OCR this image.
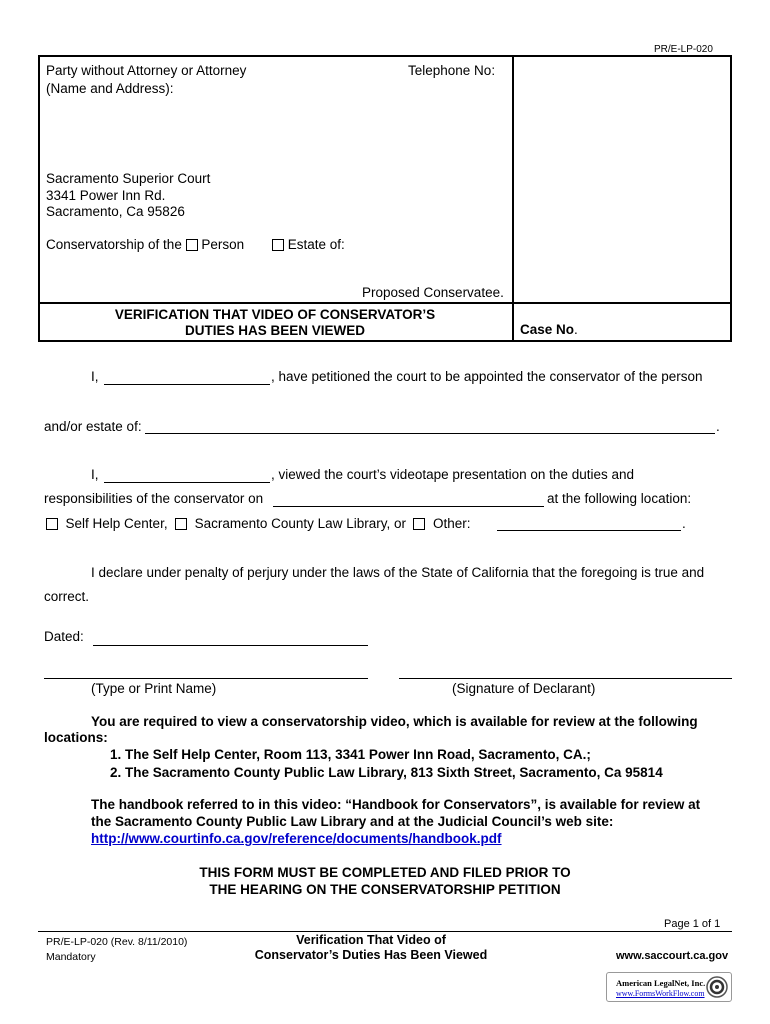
PR/E-LP-020
Party without Attorney or Attorney
(Name and Address):
Telephone No:
Sacramento Superior Court
3341 Power Inn Rd.
Sacramento, Ca 95826
Conservatorship of the Person	Estate of:
Proposed Conservatee.
VERIFICATION THAT VIDEO OF CONSERVATOR’S
DUTIES HAS BEEN VIEWED	Case No.
I,	, have petitioned the court to be appointed the conservator of the person
and/or estate of:	.
I,	, viewed the court’s videotape presentation on the duties and
responsibilities of the conservator on	at the following location:
Self Help Center, Sacramento County Law Library, or Other:	.
I declare under penalty of perjury under the laws of the State of California that the foregoing is true and
correct.
Dated:
(Type or Print Name)	(Signature of Declarant)
You are required to view a conservatorship video, which is available for review at the following
locations:
1. The Self Help Center, Room 113, 3341 Power Inn Road, Sacramento, CA.;
2. The Sacramento County Public Law Library, 813 Sixth Street, Sacramento, Ca 95814
The handbook referred to in this video: “Handbook for Conservators”, is available for review at
the Sacramento County Public Law Library and at the Judicial Council’s web site:
http://www.courtinfo.ca.gov/reference/documents/handbook.pdf
THIS FORM MUST BE COMPLETED AND FILED PRIOR TO
THE HEARING ON THE CONSERVATORSHIP PETITION
Page 1 of 1
PR/E-LP-020 (Rev. 8/11/2010)
Mandatory
Verification That Video of
Conservator’s Duties Has Been Viewed	www.saccourt.ca.gov
American LegalNet, Inc.
www.FormsWorkFlow.com
